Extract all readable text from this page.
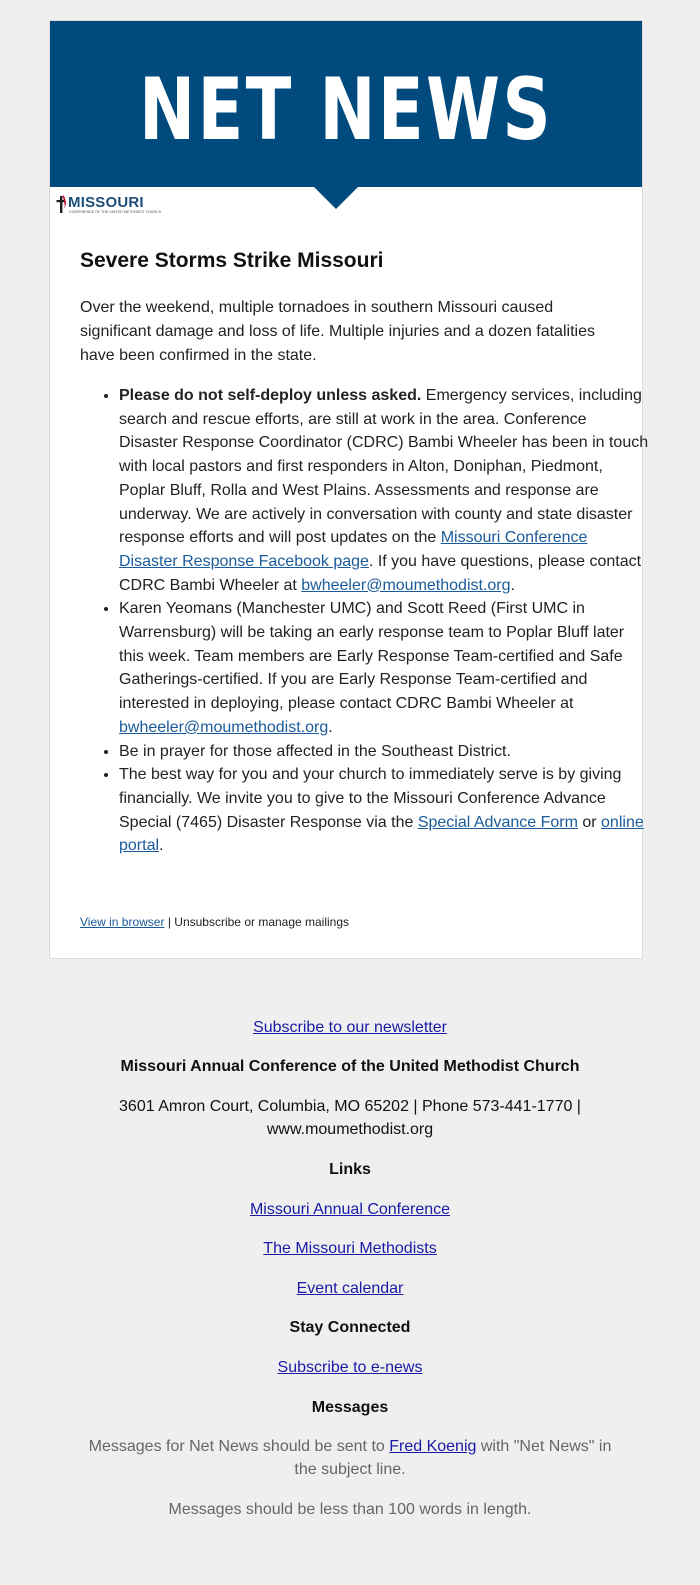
NET NEWS
MISSOURI
CONFERENCE OF THE UNITED METHODIST CHURCH
Severe Storms Strike Missouri

Over the weekend, multiple tornadoes in southern Missouri caused significant damage and loss of life. Multiple injuries and a dozen fatalities have been confirmed in the state.

• Please do not self-deploy unless asked. Emergency services, including search and rescue efforts, are still at work in the area. Conference Disaster Response Coordinator (CDRC) Bambi Wheeler has been in touch with local pastors and first responders in Alton, Doniphan, Piedmont, Poplar Bluff, Rolla and West Plains. Assessments and response are underway. We are actively in conversation with county and state disaster response efforts and will post updates on the Missouri Conference Disaster Response Facebook page. If you have questions, please contact CDRC Bambi Wheeler at bwheeler@moumethodist.org.
• Karen Yeomans (Manchester UMC) and Scott Reed (First UMC in Warrensburg) will be taking an early response team to Poplar Bluff later this week. Team members are Early Response Team-certified and Safe Gatherings-certified. If you are Early Response Team-certified and interested in deploying, please contact CDRC Bambi Wheeler at bwheeler@moumethodist.org.
• Be in prayer for those affected in the Southeast District.
• The best way for you and your church to immediately serve is by giving financially. We invite you to give to the Missouri Conference Advance Special (7465) Disaster Response via the Special Advance Form or online portal.
View in browser | Unsubscribe or manage mailings

Subscribe to our newsletter

Missouri Annual Conference of the United Methodist Church

3601 Amron Court, Columbia, MO 65202 | Phone 573-441-1770 | www.moumethodist.org

Links

Missouri Annual Conference

The Missouri Methodists

Event calendar

Stay Connected

Subscribe to e-news

Messages

Messages for Net News should be sent to Fred Koenig with "Net News" in the subject line.

Messages should be less than 100 words in length.
